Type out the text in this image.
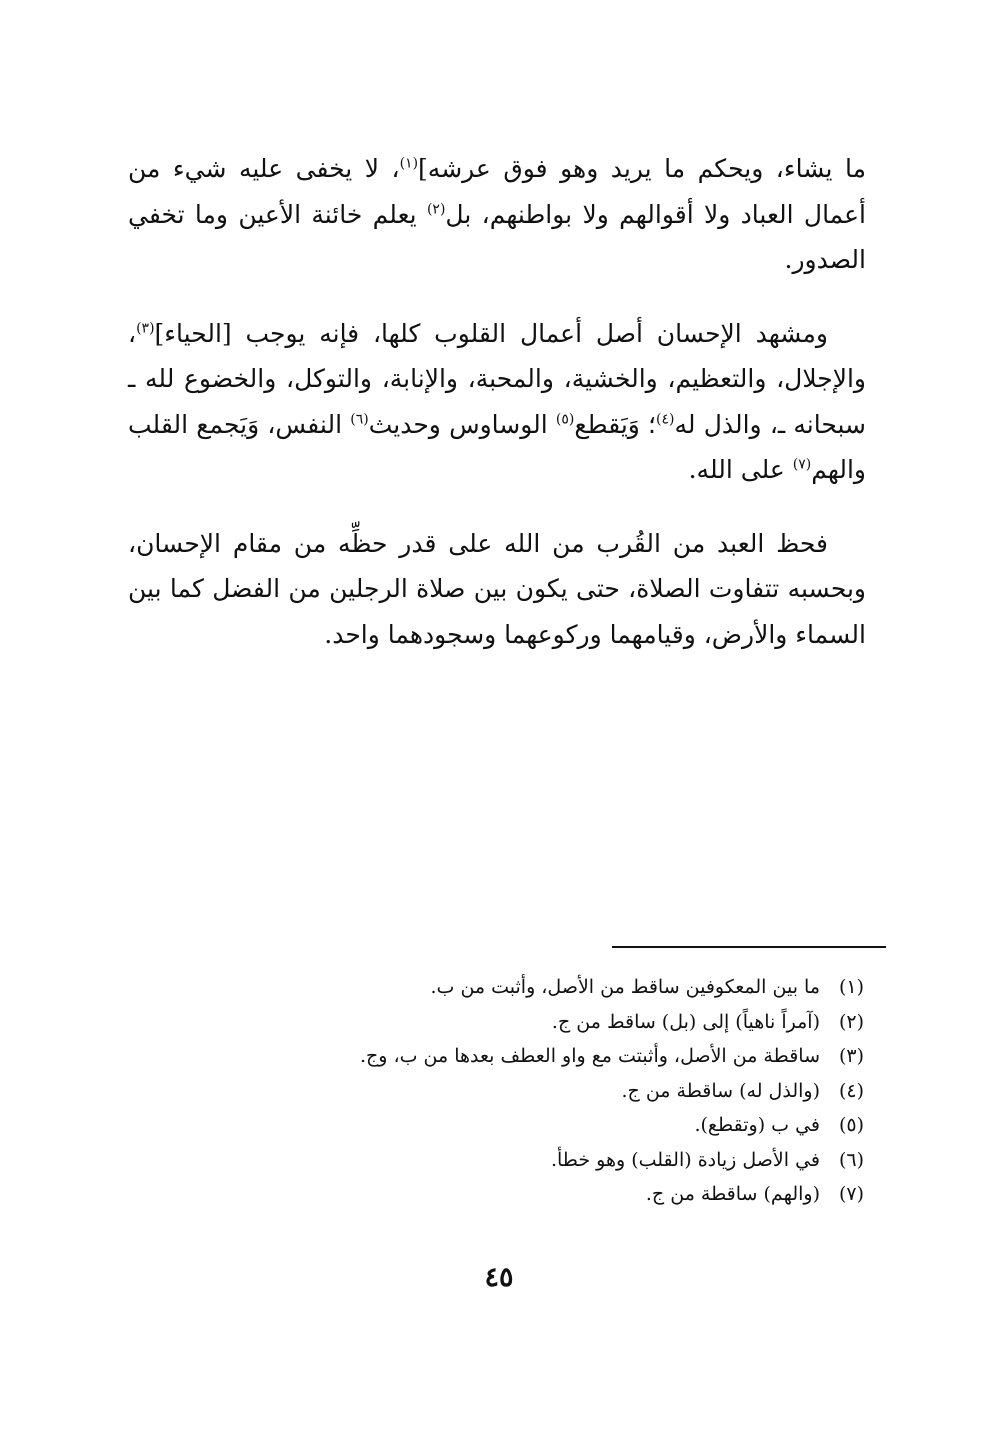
ما يشاء، ويحكم ما يريد وهو فوق عرشه]$^{(١)}$، لا يخفى عليه شيء من أعمال العباد ولا أقوالهم ولا بواطنهم، بل$^{(٢)}$ يعلم خائنة الأعين وما تخفي الصدور.

ومشهد الإحسان أصل أعمال القلوب كلها، فإنه يوجب [الحياء]$^{(٣)}$، والإجلال، والتعظيم، والخشية، والمحبة، والإنابة، والتوكل، والخضوع لله ـ سبحانه ـ، والذل له$^{(٤)}$؛ وَيَقطع$^{(٥)}$ الوساوس وحديث$^{(٦)}$ النفس، وَيَجمع القلب والهم$^{(٧)}$ على الله.

فحظ العبد من القُرب من الله على قدر حظِّه من مقام الإحسان، وبحسبه تتفاوت الصلاة، حتى يكون بين صلاة الرجلين من الفضل كما بين السماء والأرض، وقيامهما وركوعهما وسجودهما واحد.

(١)
ما بين المعكوفين ساقط من الأصل، وأثبت من ب.
(٢)
(آمراً ناهياً) إلى (بل) ساقط من ج.
(٣)
ساقطة من الأصل، وأثبتت مع واو العطف بعدها من ب، وج.
(٤)
(والذل له) ساقطة من ج.
(٥)
في ب (وتقطع).
(٦)
في الأصل زيادة (القلب) وهو خطأ.
(٧)
(والهم) ساقطة من ج.
٤٥
